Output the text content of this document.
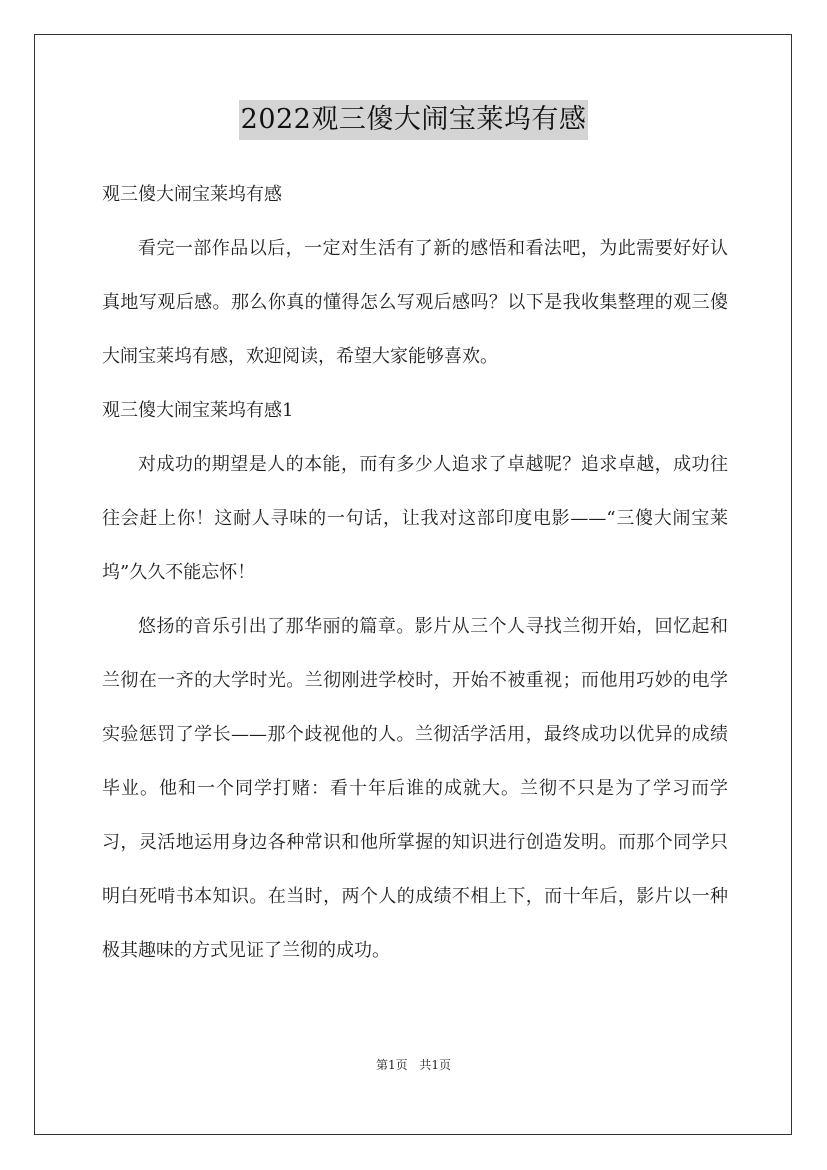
2022观三傻大闹宝莱坞有感

观三傻大闹宝莱坞有感

看完一部作品以后，一定对生活有了新的感悟和看法吧，为此需要好好认真地写观后感。那么你真的懂得怎么写观后感吗？以下是我收集整理的观三傻大闹宝莱坞有感，欢迎阅读，希望大家能够喜欢。

观三傻大闹宝莱坞有感1

对成功的期望是人的本能，而有多少人追求了卓越呢？追求卓越，成功往往会赶上你！这耐人寻味的一句话，让我对这部印度电影——“三傻大闹宝莱坞”久久不能忘怀！

悠扬的音乐引出了那华丽的篇章。影片从三个人寻找兰彻开始，回忆起和兰彻在一齐的大学时光。兰彻刚进学校时，开始不被重视；而他用巧妙的电学实验惩罚了学长——那个歧视他的人。兰彻活学活用，最终成功以优异的成绩毕业。他和一个同学打赌：看十年后谁的成就大。兰彻不只是为了学习而学习，灵活地运用身边各种常识和他所掌握的知识进行创造发明。而那个同学只明白死啃书本知识。在当时，两个人的成绩不相上下，而十年后，影片以一种极其趣味的方式见证了兰彻的成功。

第1页 共1页
